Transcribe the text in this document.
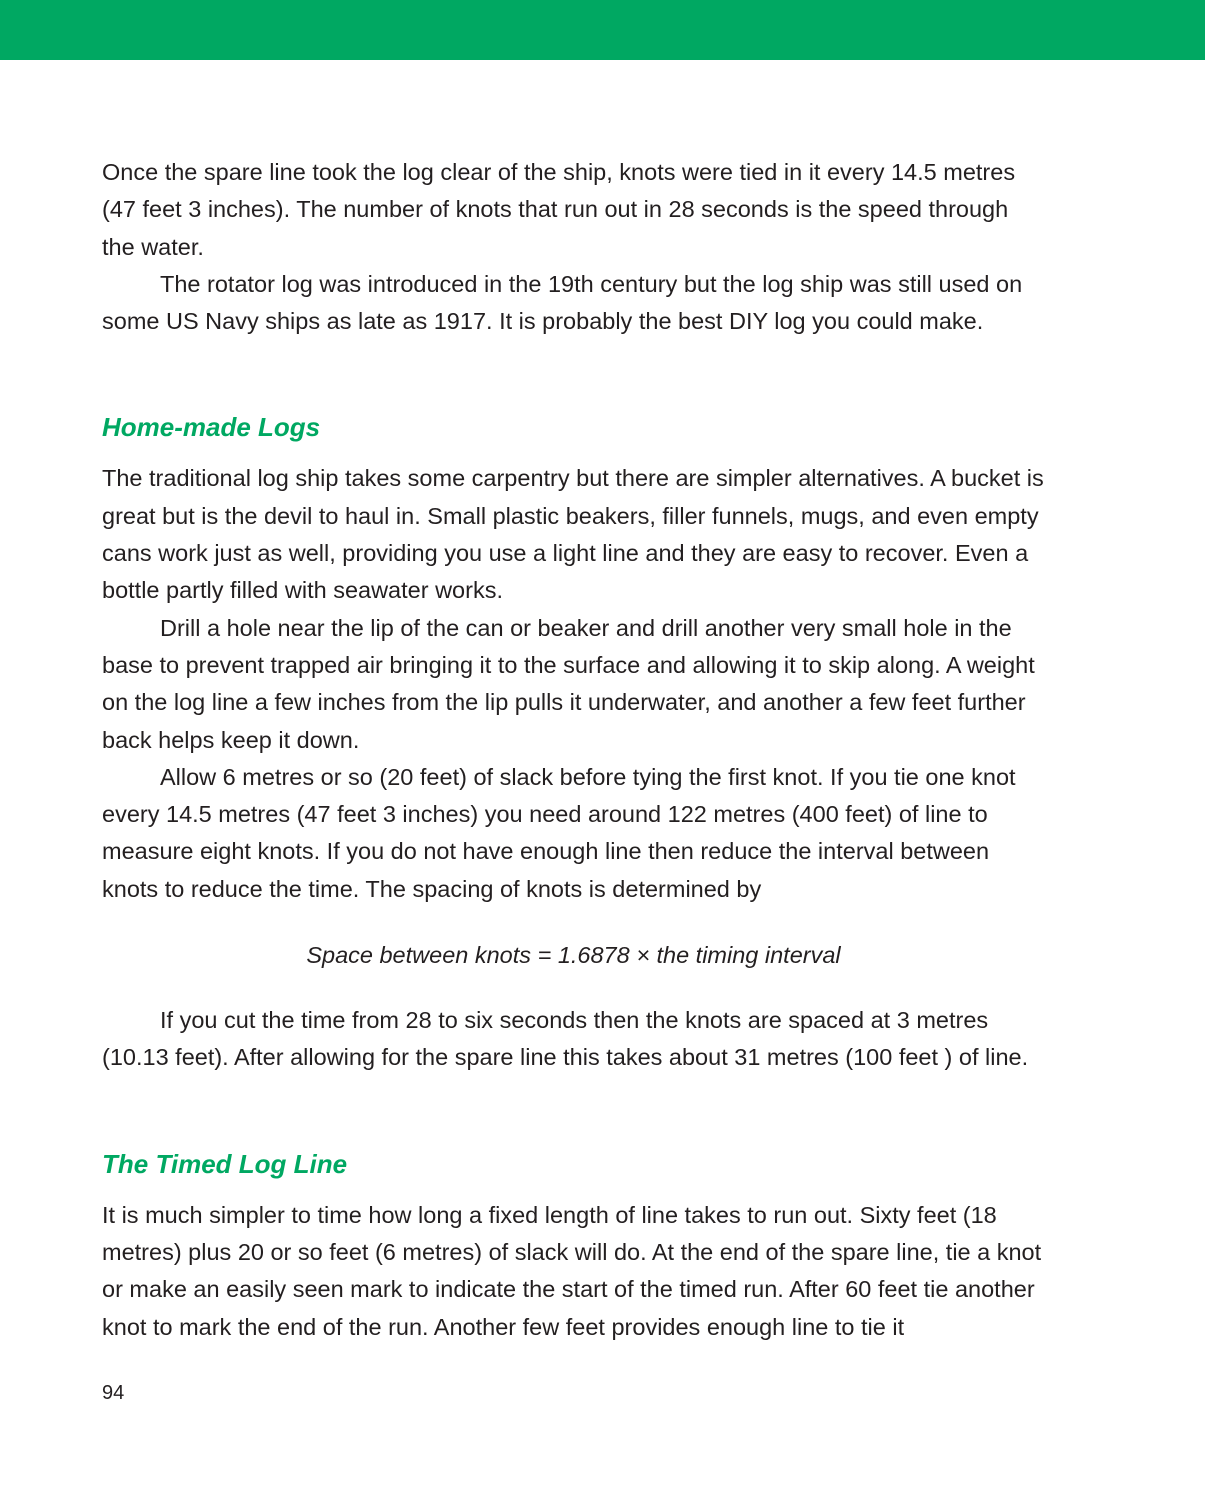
Once the spare line took the log clear of the ship, knots were tied in it every 14.5 metres (47 feet 3 inches). The number of knots that run out in 28 seconds is the speed through the water.

The rotator log was introduced in the 19th century but the log ship was still used on some US Navy ships as late as 1917. It is probably the best DIY log you could make.

Home-made Logs

The traditional log ship takes some carpentry but there are simpler alternatives. A bucket is great but is the devil to haul in. Small plastic beakers, filler funnels, mugs, and even empty cans work just as well, providing you use a light line and they are easy to recover. Even a bottle partly filled with seawater works.

Drill a hole near the lip of the can or beaker and drill another very small hole in the base to prevent trapped air bringing it to the surface and allowing it to skip along. A weight on the log line a few inches from the lip pulls it underwater, and another a few feet further back helps keep it down.

Allow 6 metres or so (20 feet) of slack before tying the first knot. If you tie one knot every 14.5 metres (47 feet 3 inches) you need around 122 metres (400 feet) of line to measure eight knots. If you do not have enough line then reduce the interval between knots to reduce the time. The spacing of knots is determined by

Space between knots = 1.6878 × the timing interval

If you cut the time from 28 to six seconds then the knots are spaced at 3 metres (10.13 feet). After allowing for the spare line this takes about 31 metres (100 feet ) of line.

The Timed Log Line

It is much simpler to time how long a fixed length of line takes to run out. Sixty feet (18 metres) plus 20 or so feet (6 metres) of slack will do. At the end of the spare line, tie a knot or make an easily seen mark to indicate the start of the timed run. After 60 feet tie another knot to mark the end of the run. Another few feet provides enough line to tie it

94
